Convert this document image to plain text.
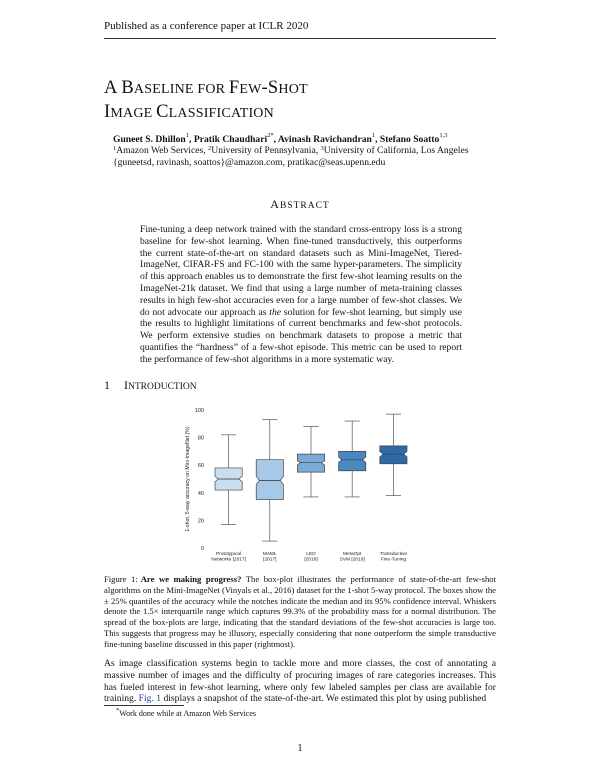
Published as a conference paper at ICLR 2020
A BASELINE FOR FEW-SHOT
IMAGE CLASSIFICATION
Guneet S. Dhillon$^1$, Pratik Chaudhari$^{2*}$, Avinash Ravichandran$^1$, Stefano Soatto$^{1,3}$
$^1$Amazon Web Services, $^2$University of Pennsylvania, $^3$University of California, Los Angeles
{guneetsd, ravinash, soattos}@amazon.com, pratikac@seas.upenn.edu
ABSTRACT
Fine-tuning a deep network trained with the standard cross-entropy loss is a strong baseline for few-shot learning. When fine-tuned transductively, this outperforms the current state-of-the-art on standard datasets such as Mini-ImageNet, Tiered-ImageNet, CIFAR-FS and FC-100 with the same hyper-parameters. The simplicity of this approach enables us to demonstrate the first few-shot learning results on the ImageNet-21k dataset. We find that using a large number of meta-training classes results in high few-shot accuracies even for a large number of few-shot classes. We do not advocate our approach as the solution for few-shot learning, but simply use the results to highlight limitations of current benchmarks and few-shot protocols. We perform extensive studies on benchmark datasets to propose a metric that quantifies the “hardness” of a few-shot episode. This metric can be used to report the performance of few-shot algorithms in a more systematic way.
1 INTRODUCTION
1-shot, 5-way accuracy on Mini-ImageNet (%)
0
20
40
60
80
100
Prototypical
Networks [2017]
MAML
[2017]
LEO
[2018]
MetaOpt
SVM [2019]
Transductive
Fine-Tuning
Figure 1: Are we making progress? The box-plot illustrates the performance of state-of-the-art few-shot algorithms on the Mini-ImageNet (Vinyals et al., 2016) dataset for the 1-shot 5-way protocol. The boxes show the ± 25% quantiles of the accuracy while the notches indicate the median and its 95% confidence interval. Whiskers denote the 1.5× interquartile range which captures 99.3% of the probability mass for a normal distribution. The spread of the box-plots are large, indicating that the standard deviations of the few-shot accuracies is large too. This suggests that progress may be illusory, especially considering that none outperform the simple transductive fine-tuning baseline discussed in this paper (rightmost).
As image classification systems begin to tackle more and more classes, the cost of annotating a massive number of images and the difficulty of procuring images of rare categories increases. This has fueled interest in few-shot learning, where only few labeled samples per class are available for training. Fig. 1 displays a snapshot of the state-of-the-art. We estimated this plot by using published
*Work done while at Amazon Web Services
1
